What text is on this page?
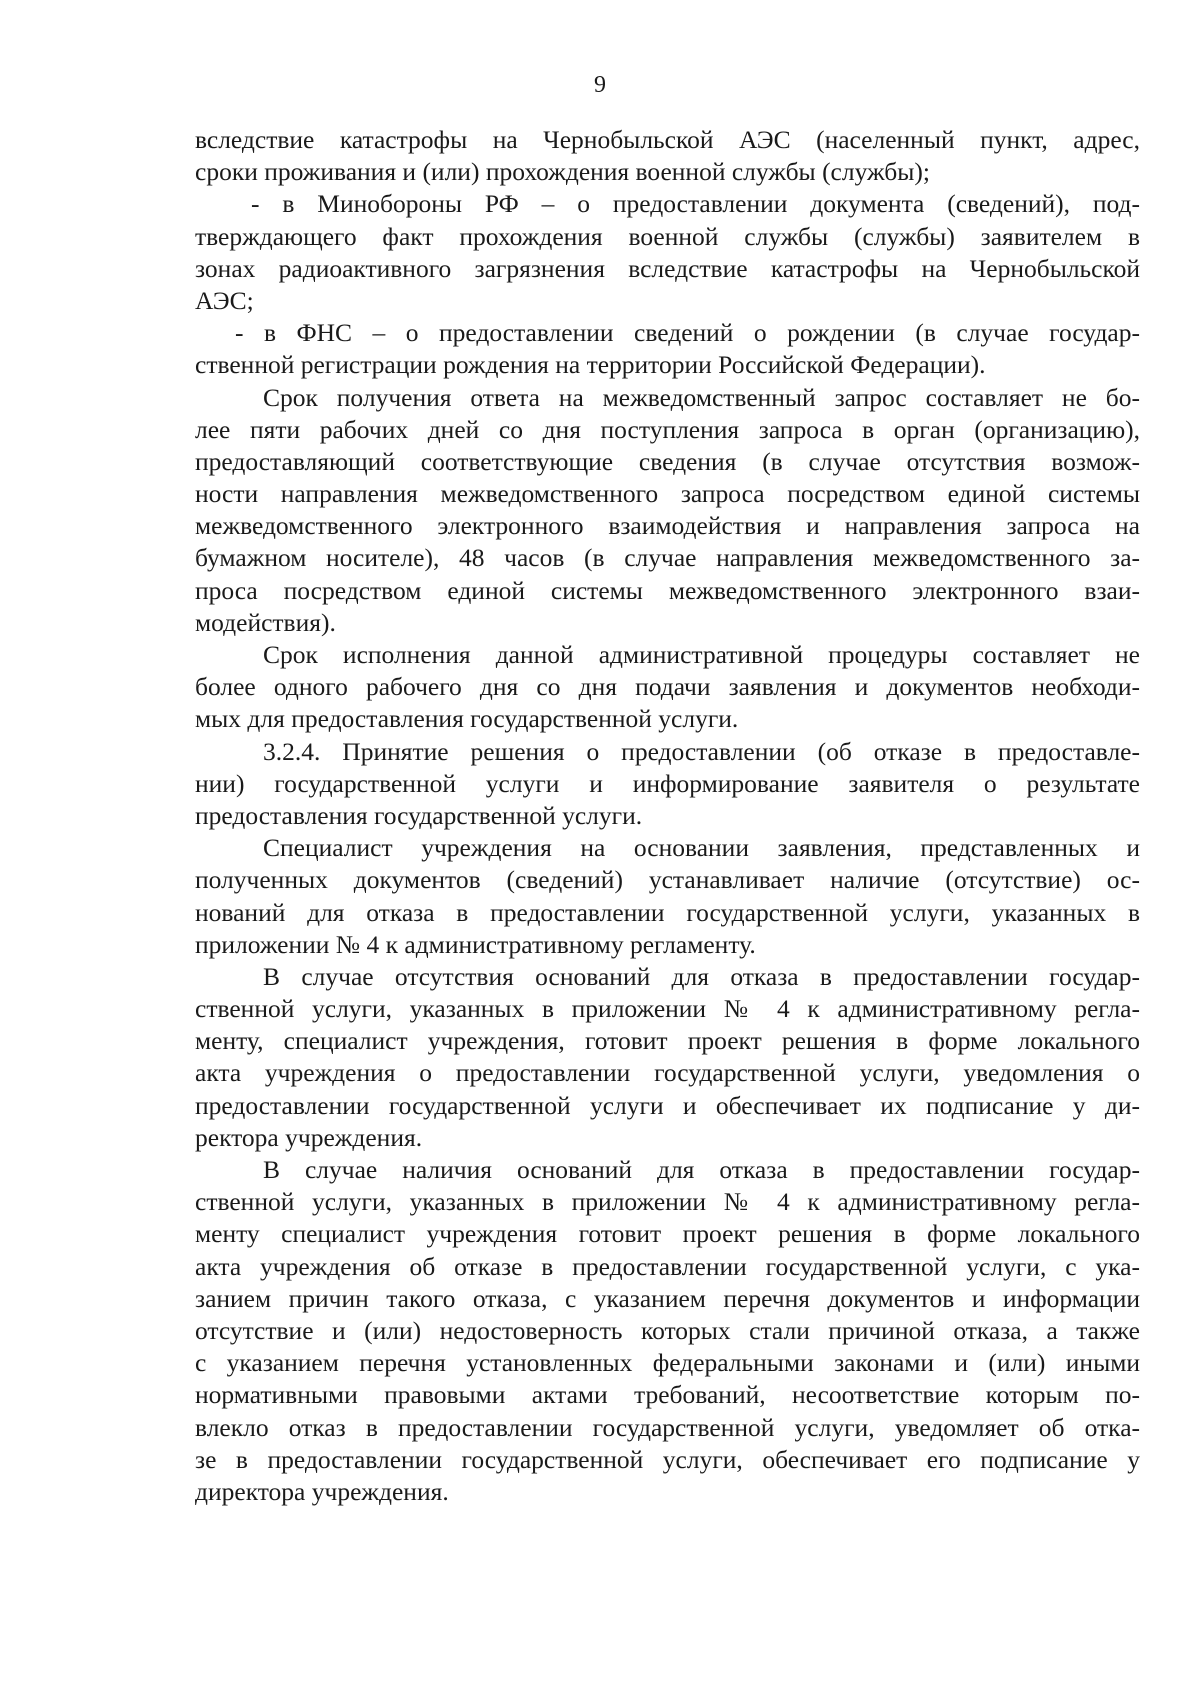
9
вследствие катастрофы на Чернобыльской АЭС (населенный пункт, адрес,
сроки проживания и (или) прохождения военной службы (службы);
- в Минобороны РФ – о предоставлении документа (сведений), под-
тверждающего факт прохождения военной службы (службы) заявителем в
зонах радиоактивного загрязнения вследствие катастрофы на Чернобыльской
АЭС;
- в ФНС – о предоставлении сведений о рождении (в случае государ-
ственной регистрации рождения на территории Российской Федерации).
Срок получения ответа на межведомственный запрос составляет не бо-
лее пяти рабочих дней со дня поступления запроса в орган (организацию),
предоставляющий соответствующие сведения (в случае отсутствия возмож-
ности направления межведомственного запроса посредством единой системы
межведомственного электронного взаимодействия и направления запроса на
бумажном носителе), 48 часов (в случае направления межведомственного за-
проса посредством единой системы межведомственного электронного взаи-
модействия).
Срок исполнения данной административной процедуры составляет не
более одного рабочего дня со дня подачи заявления и документов необходи-
мых для предоставления государственной услуги.
3.2.4. Принятие решения о предоставлении (об отказе в предоставле-
нии) государственной услуги и информирование заявителя о результате
предоставления государственной услуги.
Специалист учреждения на основании заявления, представленных и
полученных документов (сведений) устанавливает наличие (отсутствие) ос-
нований для отказа в предоставлении государственной услуги, указанных в
приложении № 4 к административному регламенту.
В случае отсутствия оснований для отказа в предоставлении государ-
ственной услуги, указанных в приложении № 4 к административному регла-
менту, специалист учреждения, готовит проект решения в форме локального
акта учреждения о предоставлении государственной услуги, уведомления о
предоставлении государственной услуги и обеспечивает их подписание у ди-
ректора учреждения.
В случае наличия оснований для отказа в предоставлении государ-
ственной услуги, указанных в приложении № 4 к административному регла-
менту специалист учреждения готовит проект решения в форме локального
акта учреждения об отказе в предоставлении государственной услуги, с ука-
занием причин такого отказа, с указанием перечня документов и информации
отсутствие и (или) недостоверность которых стали причиной отказа, а также
с указанием перечня установленных федеральными законами и (или) иными
нормативными правовыми актами требований, несоответствие которым по-
влекло отказ в предоставлении государственной услуги, уведомляет об отка-
зе в предоставлении государственной услуги, обеспечивает его подписание у
директора учреждения.
